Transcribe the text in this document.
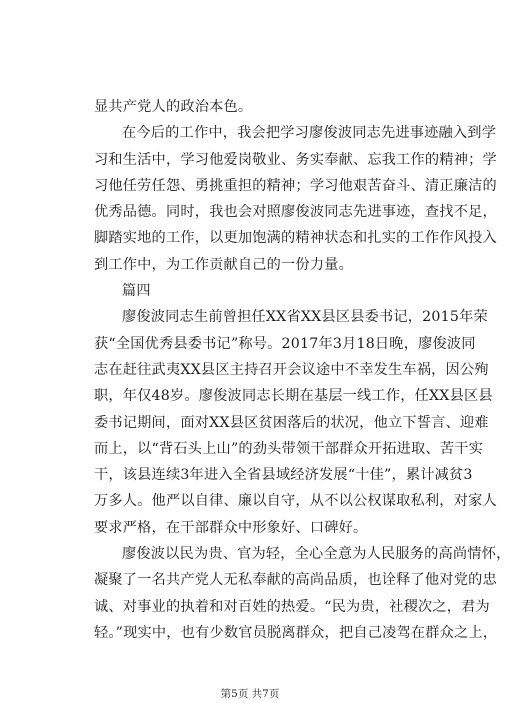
显共产党人的政治本色。
在今后的工作中，我会把学习廖俊波同志先进事迹融入到学
习和生活中，学习他爱岗敬业、务实奉献、忘我工作的精神；学
习他任劳任怨、勇挑重担的精神；学习他艰苦奋斗、清正廉洁的
优秀品德。同时，我也会对照廖俊波同志先进事迹，查找不足，
脚踏实地的工作，以更加饱满的精神状态和扎实的工作作风投入
到工作中，为工作贡献自己的一份力量。
篇四
廖俊波同志生前曾担任XX省XX县区县委书记，2015年荣
获“全国优秀县委书记”称号。2017年3月18日晚，廖俊波同
志在赶往武夷XX县区主持召开会议途中不幸发生车祸，因公殉
职，年仅48岁。廖俊波同志长期在基层一线工作，任XX县区县
委书记期间，面对XX县区贫困落后的状况，他立下誓言、迎难
而上，以“背石头上山”的劲头带领干部群众开拓进取、苦干实
干，该县连续3年进入全省县域经济发展“十佳”，累计减贫3
万多人。他严以自律、廉以自守，从不以公权谋取私利，对家人
要求严格，在干部群众中形象好、口碑好。
廖俊波以民为贵、官为轻，全心全意为人民服务的高尚情怀，
凝聚了一名共产党人无私奉献的高尚品质，也诠释了他对党的忠
诚、对事业的执着和对百姓的热爱。“民为贵，社稷次之，君为
轻。”现实中，也有少数官员脱离群众，把自己凌驾在群众之上，
第5页 共7页
